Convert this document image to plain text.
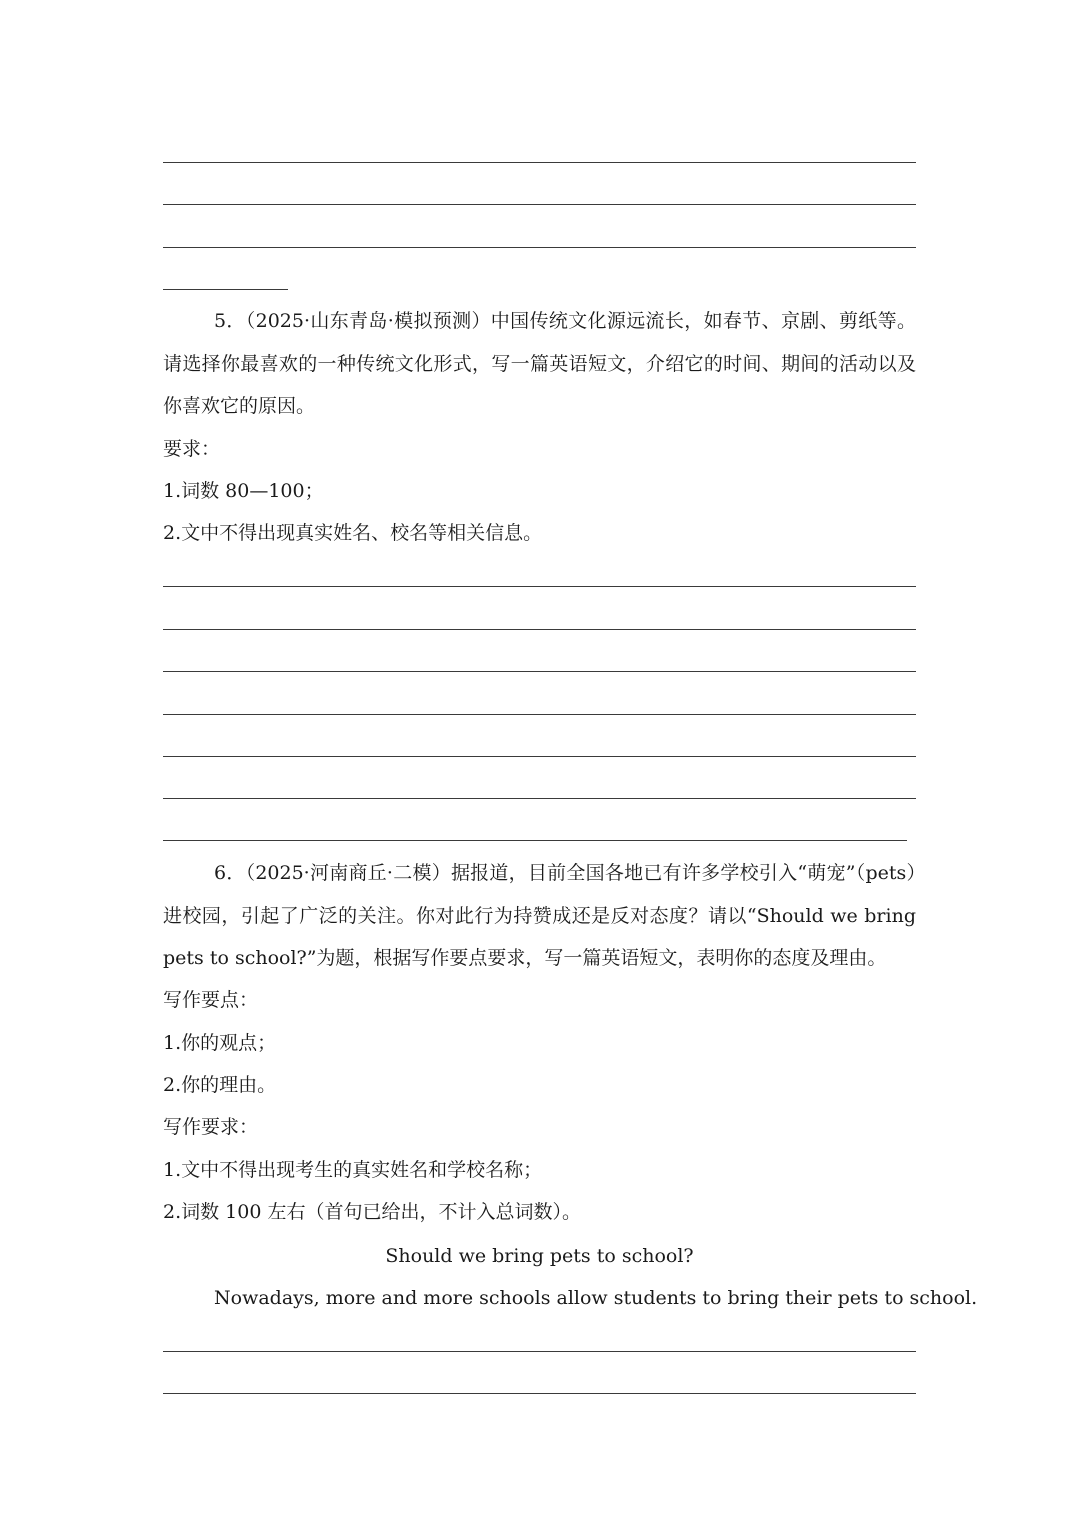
5．（2025·山东青岛·模拟预测）中国传统文化源远流长，如春节、京剧、剪纸等。请选择你最喜欢的一种传统文化形式，写一篇英语短文，介绍它的时间、期间的活动以及你喜欢它的原因。
要求：
1.词数 80—100；
2.文中不得出现真实姓名、校名等相关信息。
6．（2025·河南商丘·二模）据报道，目前全国各地已有许多学校引入“萌宠”（pets）进校园，引起了广泛的关注。你对此行为持赞成还是反对态度？请以“Should we bring pets to school?”为题，根据写作要点要求，写一篇英语短文，表明你的态度及理由。
写作要点：
1.你的观点；
2.你的理由。
写作要求：
1.文中不得出现考生的真实姓名和学校名称；
2.词数 100 左右（首句已给出，不计入总词数）。
Should we bring pets to school?
Nowadays, more and more schools allow students to bring their pets to school.
